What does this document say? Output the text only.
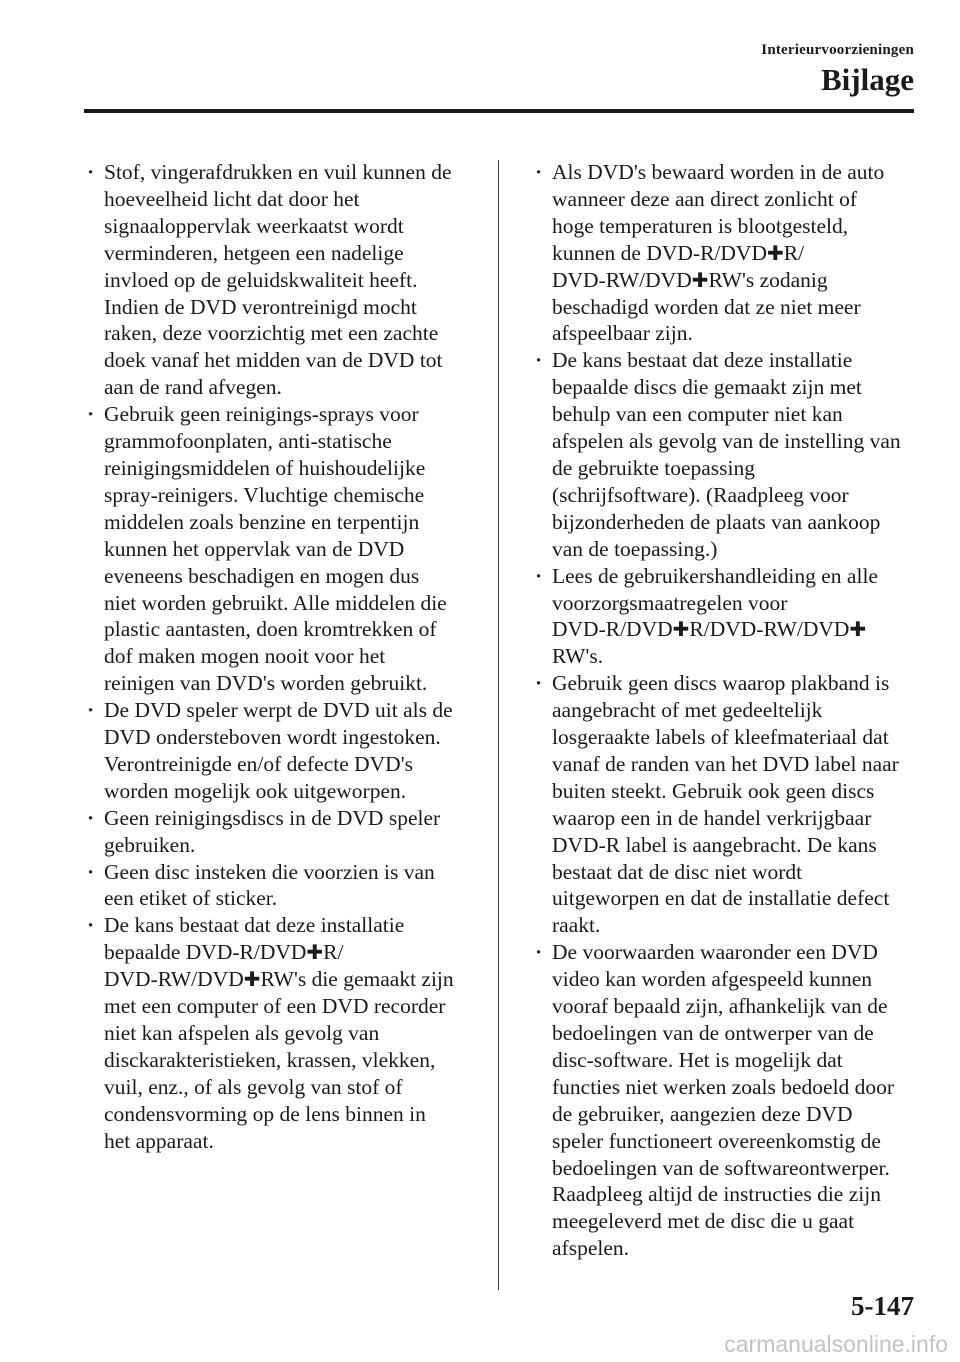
Interieurvoorzieningen
Bijlage

· Stof, vingerafdrukken en vuil kunnen de
hoeveelheid licht dat door het
signaaloppervlak weerkaatst wordt
verminderen, hetgeen een nadelige
invloed op de geluidskwaliteit heeft.
Indien de DVD verontreinigd mocht
raken, deze voorzichtig met een zachte
doek vanaf het midden van de DVD tot
aan de rand afvegen.

· Gebruik geen reinigings-sprays voor
grammofoonplaten, anti-statische
reinigingsmiddelen of huishoudelijke
spray-reinigers. Vluchtige chemische
middelen zoals benzine en terpentijn
kunnen het oppervlak van de DVD
eveneens beschadigen en mogen dus
niet worden gebruikt. Alle middelen die
plastic aantasten, doen kromtrekken of
dof maken mogen nooit voor het
reinigen van DVD's worden gebruikt.

· De DVD speler werpt de DVD uit als de
DVD ondersteboven wordt ingestoken.
Verontreinigde en/of defecte DVD's
worden mogelijk ook uitgeworpen.

· Geen reinigingsdiscs in de DVD speler
gebruiken.

· Geen disc insteken die voorzien is van
een etiket of sticker.

· De kans bestaat dat deze installatie
bepaalde DVD-R/DVD✚R/
DVD-RW/DVD✚RW's die gemaakt zijn
met een computer of een DVD recorder
niet kan afspelen als gevolg van
disckarakteristieken, krassen, vlekken,
vuil, enz., of als gevolg van stof of
condensvorming op de lens binnen in
het apparaat.

· Als DVD's bewaard worden in de auto
wanneer deze aan direct zonlicht of
hoge temperaturen is blootgesteld,
kunnen de DVD-R/DVD✚R/
DVD-RW/DVD✚RW's zodanig
beschadigd worden dat ze niet meer
afspeelbaar zijn.

· De kans bestaat dat deze installatie
bepaalde discs die gemaakt zijn met
behulp van een computer niet kan
afspelen als gevolg van de instelling van
de gebruikte toepassing
(schrijfsoftware). (Raadpleeg voor
bijzonderheden de plaats van aankoop
van de toepassing.)

· Lees de gebruikershandleiding en alle
voorzorgsmaatregelen voor
DVD-R/DVD✚R/DVD-RW/DVD✚
RW's.

· Gebruik geen discs waarop plakband is
aangebracht of met gedeeltelijk
losgeraakte labels of kleefmateriaal dat
vanaf de randen van het DVD label naar
buiten steekt. Gebruik ook geen discs
waarop een in de handel verkrijgbaar
DVD-R label is aangebracht. De kans
bestaat dat de disc niet wordt
uitgeworpen en dat de installatie defect
raakt.

· De voorwaarden waaronder een DVD
video kan worden afgespeeld kunnen
vooraf bepaald zijn, afhankelijk van de
bedoelingen van de ontwerper van de
disc-software. Het is mogelijk dat
functies niet werken zoals bedoeld door
de gebruiker, aangezien deze DVD
speler functioneert overeenkomstig de
bedoelingen van de softwareontwerper.
Raadpleeg altijd de instructies die zijn
meegeleverd met de disc die u gaat
afspelen.

5-147
carmanualsonline.info
